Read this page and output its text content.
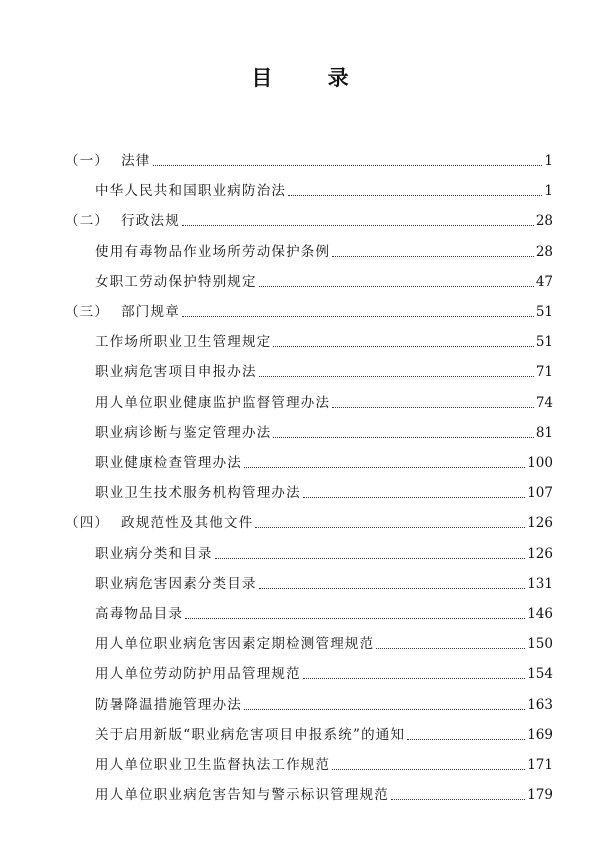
目 录
（一） 法律	1
中华人民共和国职业病防治法	1
（二） 行政法规	28
使用有毒物品作业场所劳动保护条例	28
女职工劳动保护特别规定	47
（三） 部门规章	51
工作场所职业卫生管理规定	51
职业病危害项目申报办法	71
用人单位职业健康监护监督管理办法	74
职业病诊断与鉴定管理办法	81
职业健康检查管理办法	100
职业卫生技术服务机构管理办法	107
（四） 政规范性及其他文件	126
职业病分类和目录	126
职业病危害因素分类目录	131
高毒物品目录	146
用人单位职业病危害因素定期检测管理规范	150
用人单位劳动防护用品管理规范	154
防暑降温措施管理办法	163
关于启用新版“职业病危害项目申报系统”的通知	169
用人单位职业卫生监督执法工作规范	171
用人单位职业病危害告知与警示标识管理规范	179
